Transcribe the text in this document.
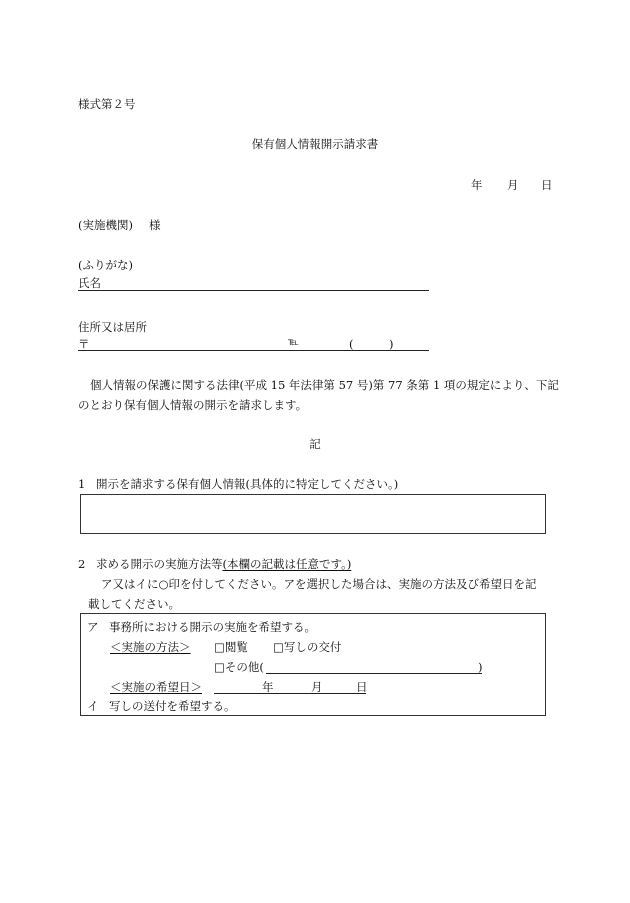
様式第２号
保有個人情報開示請求書
年 月 日
(実施機関) 様
(ふりがな)
氏名
住所又は居所
〒	℡	(	)
個人情報の保護に関する法律(平成 15 年法律第 57 号)第 77 条第 1 項の規定により、下記
のとおり保有個人情報の開示を請求します。
記
1 開示を請求する保有個人情報(具体的に特定してください。)
2 求める開示の実施方法等(本欄の記載は任意です。)
ア又はイに○印を付してください。アを選択した場合は、実施の方法及び希望日を記
載してください。
ア 事務所における開示の実施を希望する。
＜実施の方法＞ □閲覧 □写しの交付
□その他(	)
＜実施の希望日＞	年	月	日
イ 写しの送付を希望する。
